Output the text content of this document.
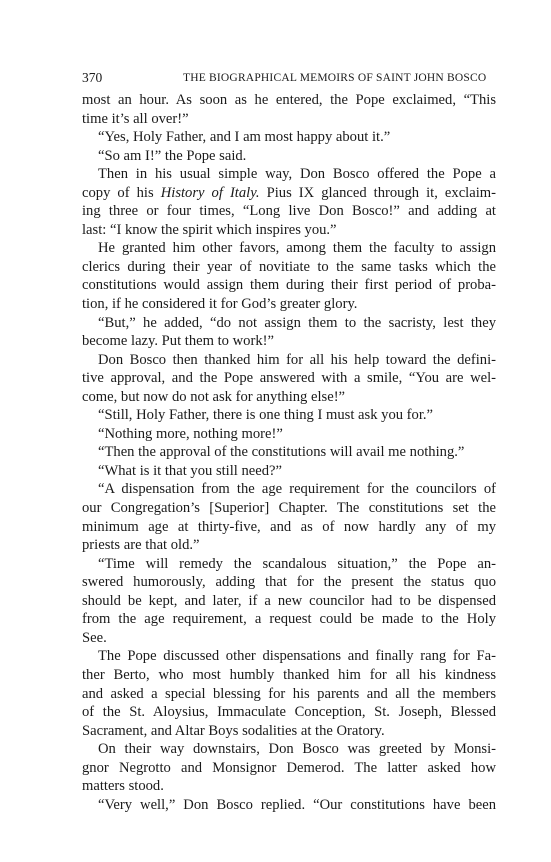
370	THE BIOGRAPHICAL MEMOIRS OF SAINT JOHN BOSCO
most an hour. As soon as he entered, the Pope exclaimed, “This
time it’s all over!”
“Yes, Holy Father, and I am most happy about it.”
“So am I!” the Pope said.
Then in his usual simple way, Don Bosco offered the Pope a
copy of his History of Italy. Pius IX glanced through it, exclaim-
ing three or four times, “Long live Don Bosco!” and adding at
last: “I know the spirit which inspires you.”
He granted him other favors, among them the faculty to assign
clerics during their year of novitiate to the same tasks which the
constitutions would assign them during their first period of proba-
tion, if he considered it for God’s greater glory.
“But,” he added, “do not assign them to the sacristy, lest they
become lazy. Put them to work!”
Don Bosco then thanked him for all his help toward the defini-
tive approval, and the Pope answered with a smile, “You are wel-
come, but now do not ask for anything else!”
“Still, Holy Father, there is one thing I must ask you for.”
“Nothing more, nothing more!”
“Then the approval of the constitutions will avail me nothing.”
“What is it that you still need?”
“A dispensation from the age requirement for the councilors of
our Congregation’s [Superior] Chapter. The constitutions set the
minimum age at thirty-five, and as of now hardly any of my
priests are that old.”
“Time will remedy the scandalous situation,” the Pope an-
swered humorously, adding that for the present the status quo
should be kept, and later, if a new councilor had to be dispensed
from the age requirement, a request could be made to the Holy
See.
The Pope discussed other dispensations and finally rang for Fa-
ther Berto, who most humbly thanked him for all his kindness
and asked a special blessing for his parents and all the members
of the St. Aloysius, Immaculate Conception, St. Joseph, Blessed
Sacrament, and Altar Boys sodalities at the Oratory.
On their way downstairs, Don Bosco was greeted by Monsi-
gnor Negrotto and Monsignor Demerod. The latter asked how
matters stood.
“Very well,” Don Bosco replied. “Our constitutions have been
